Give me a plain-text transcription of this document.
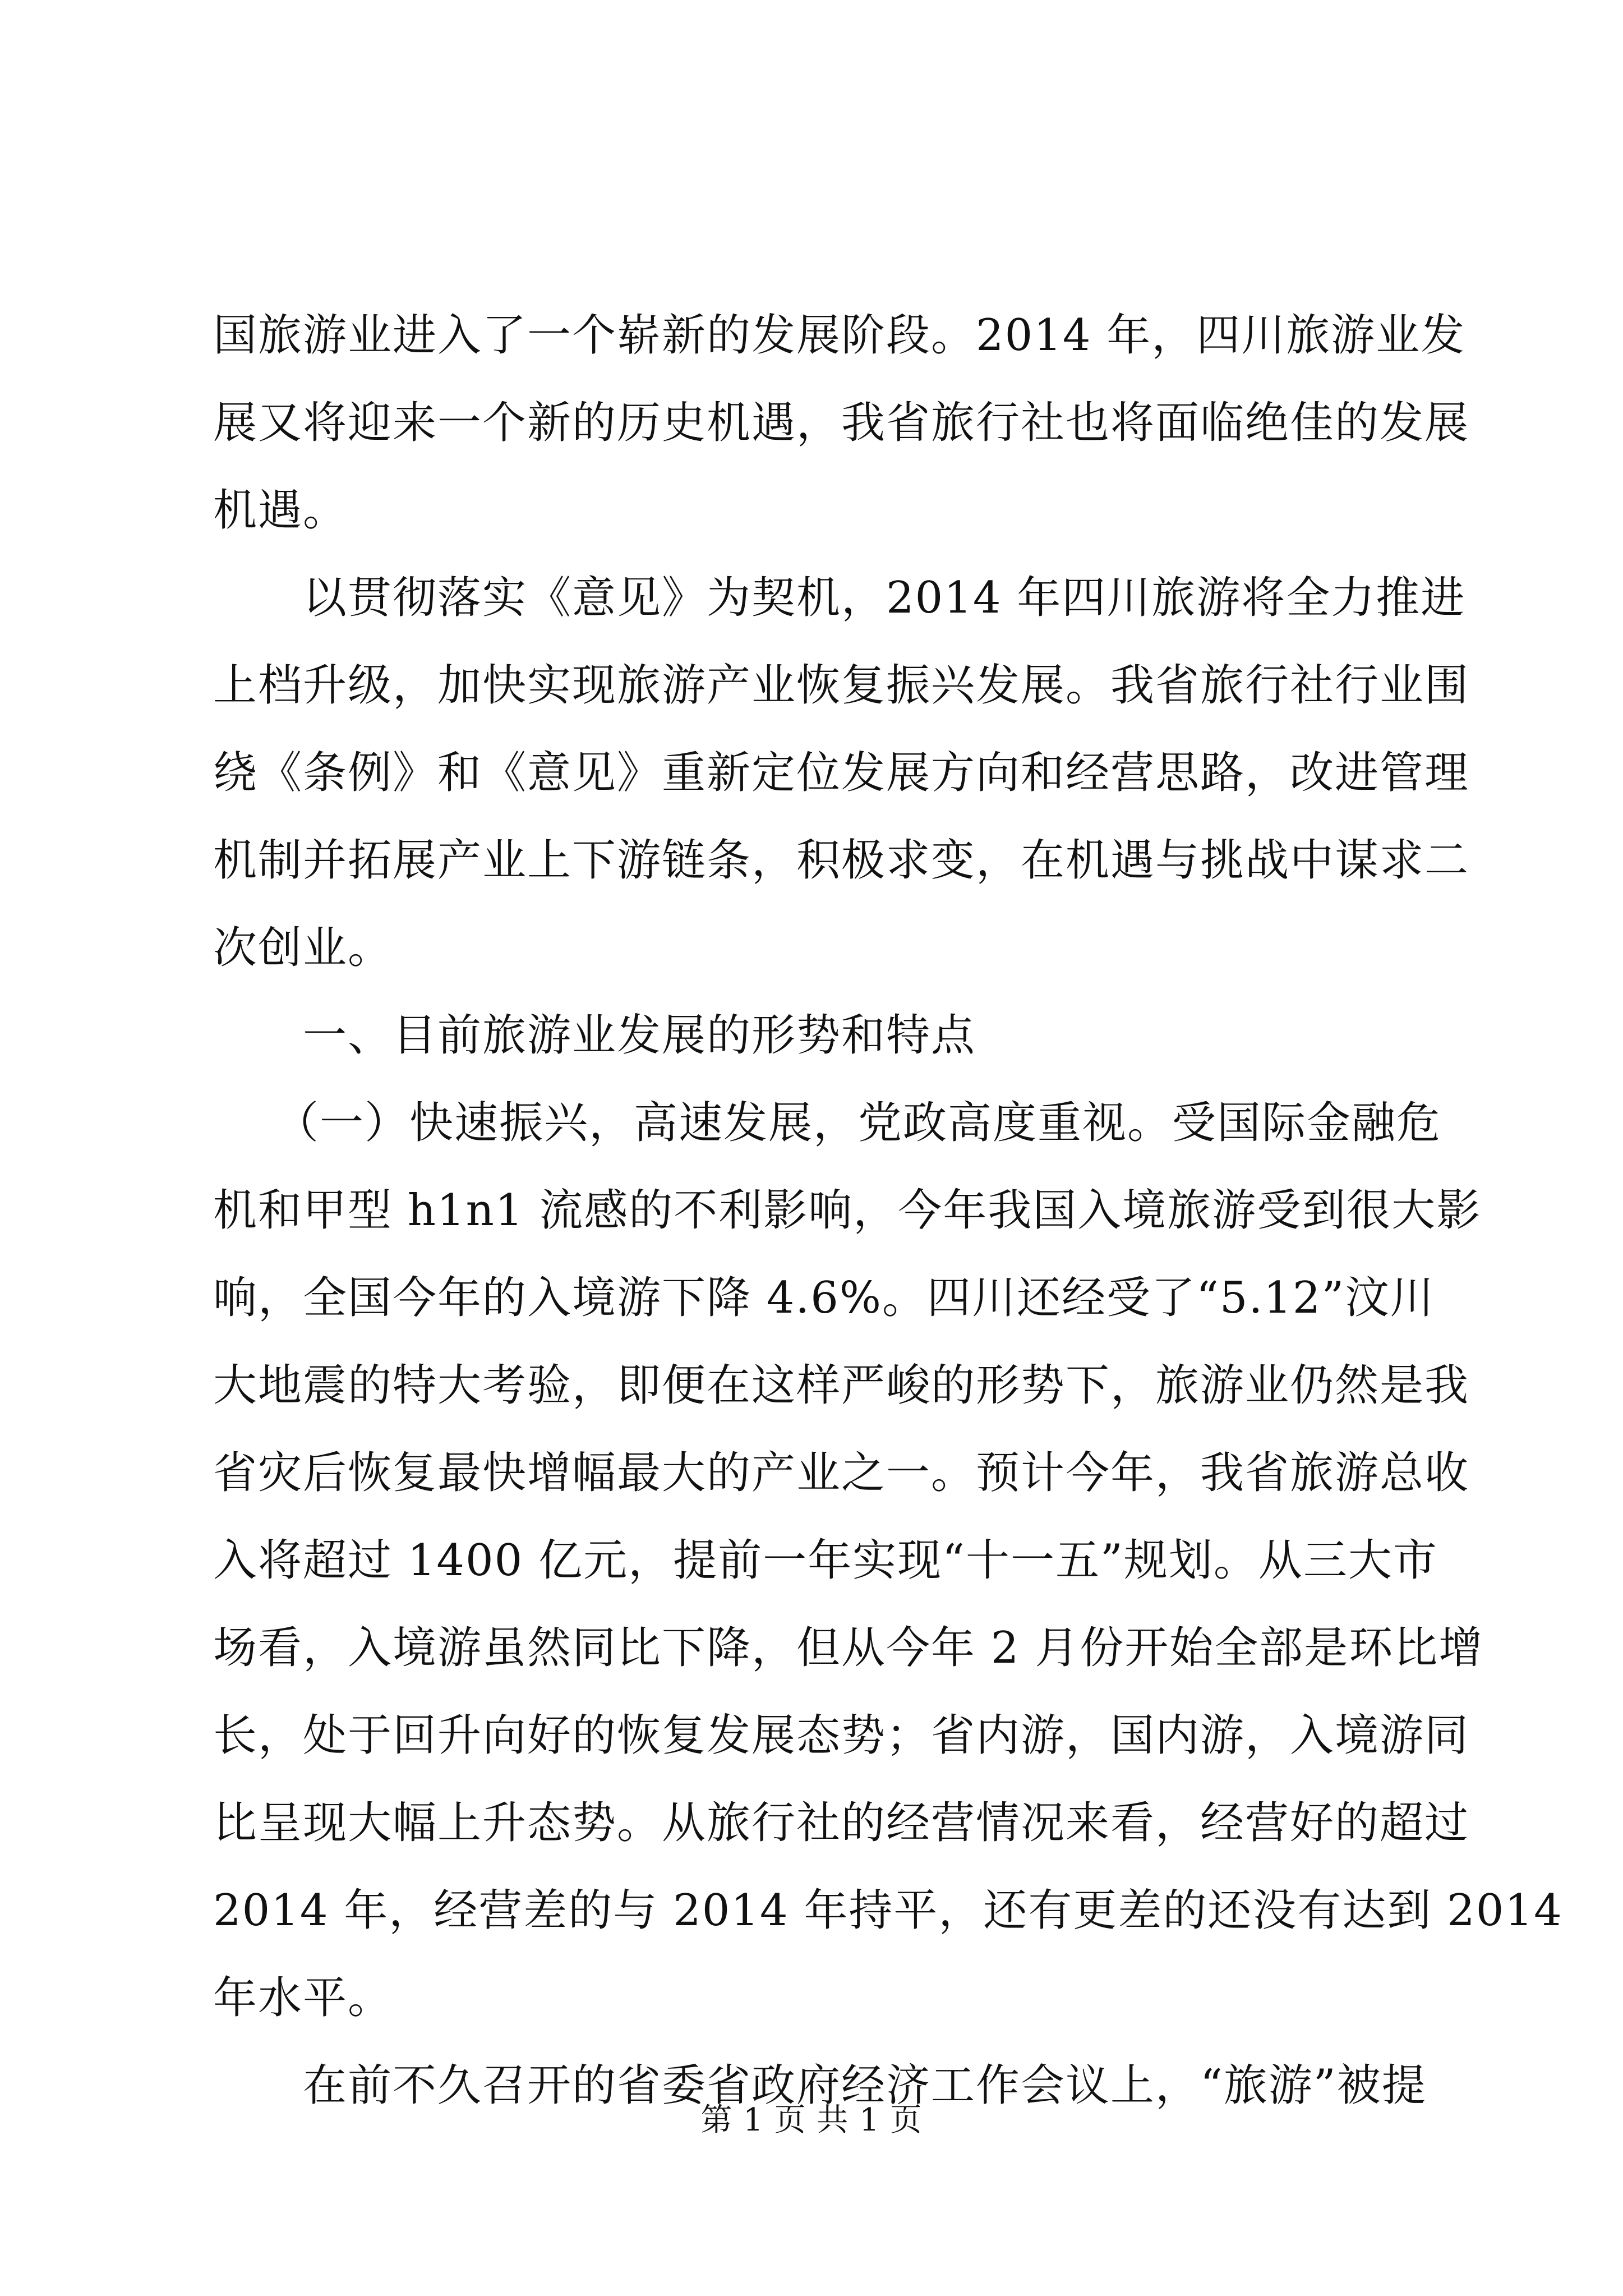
国旅游业进入了一个崭新的发展阶段。2014 年，四川旅游业发
展又将迎来一个新的历史机遇，我省旅行社也将面临绝佳的发展
机遇。
以贯彻落实《意见》为契机，2014 年四川旅游将全力推进
上档升级，加快实现旅游产业恢复振兴发展。我省旅行社行业围
绕《条例》和《意见》重新定位发展方向和经营思路，改进管理
机制并拓展产业上下游链条，积极求变，在机遇与挑战中谋求二
次创业。
一、目前旅游业发展的形势和特点
（一）快速振兴，高速发展，党政高度重视。受国际金融危
机和甲型 h1n1 流感的不利影响，今年我国入境旅游受到很大影
响，全国今年的入境游下降 4.6%。四川还经受了“5.12”汶川
大地震的特大考验，即便在这样严峻的形势下，旅游业仍然是我
省灾后恢复最快增幅最大的产业之一。预计今年，我省旅游总收
入将超过 1400 亿元，提前一年实现“十一五”规划。从三大市
场看，入境游虽然同比下降，但从今年 2 月份开始全部是环比增
长，处于回升向好的恢复发展态势；省内游，国内游，入境游同
比呈现大幅上升态势。从旅行社的经营情况来看，经营好的超过
2014 年，经营差的与 2014 年持平，还有更差的还没有达到 2014
年水平。
在前不久召开的省委省政府经济工作会议上，“旅游”被提
第 1 页 共 1 页
